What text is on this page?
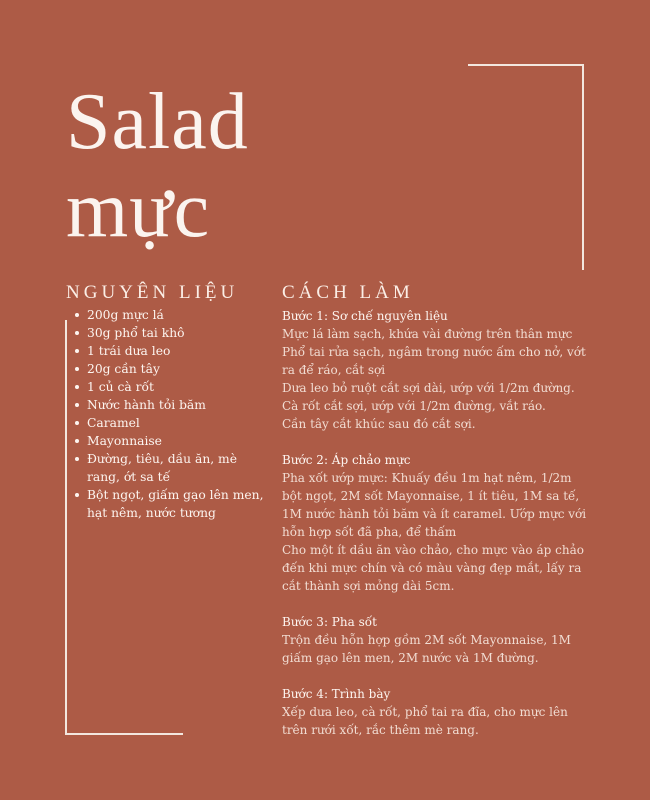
Salad
mực
NGUYÊN LIỆU CÁCH LÀM
200g mực lá
30g phổ tai khô
1 trái dưa leo
20g cần tây
1 củ cà rốt
Nước hành tỏi băm
Caramel
Mayonnaise
Đường, tiêu, dầu ăn, mè rang, ớt sa tế
Bột ngọt, giấm gạo lên men, hạt nêm, nước tương
Bước 1: Sơ chế nguyên liệu
Mực lá làm sạch, khứa vài đường trên thân mực
Phổ tai rửa sạch, ngâm trong nước ấm cho nở, vớt ra để ráo, cắt sợi
Dưa leo bỏ ruột cắt sợi dài, ướp với 1/2m đường.
Cà rốt cắt sợi, ướp với 1/2m đường, vắt ráo.
Cần tây cắt khúc sau đó cắt sợi.
Bước 2: Áp chảo mực
Pha xốt ướp mực: Khuấy đều 1m hạt nêm, 1/2m bột ngọt, 2M sốt Mayonnaise, 1 ít tiêu, 1M sa tế, 1M nước hành tỏi băm và ít caramel. Ướp mực với hỗn hợp sốt đã pha, để thấm
Cho một ít dầu ăn vào chảo, cho mực vào áp chảo đến khi mực chín và có màu vàng đẹp mắt, lấy ra cắt thành sợi mỏng dài 5cm.
Bước 3: Pha sốt
Trộn đều hỗn hợp gồm 2M sốt Mayonnaise, 1M giấm gạo lên men, 2M nước và 1M đường.
Bước 4: Trình bày
Xếp dưa leo, cà rốt, phổ tai ra đĩa, cho mực lên trên rưới xốt, rắc thêm mè rang.
